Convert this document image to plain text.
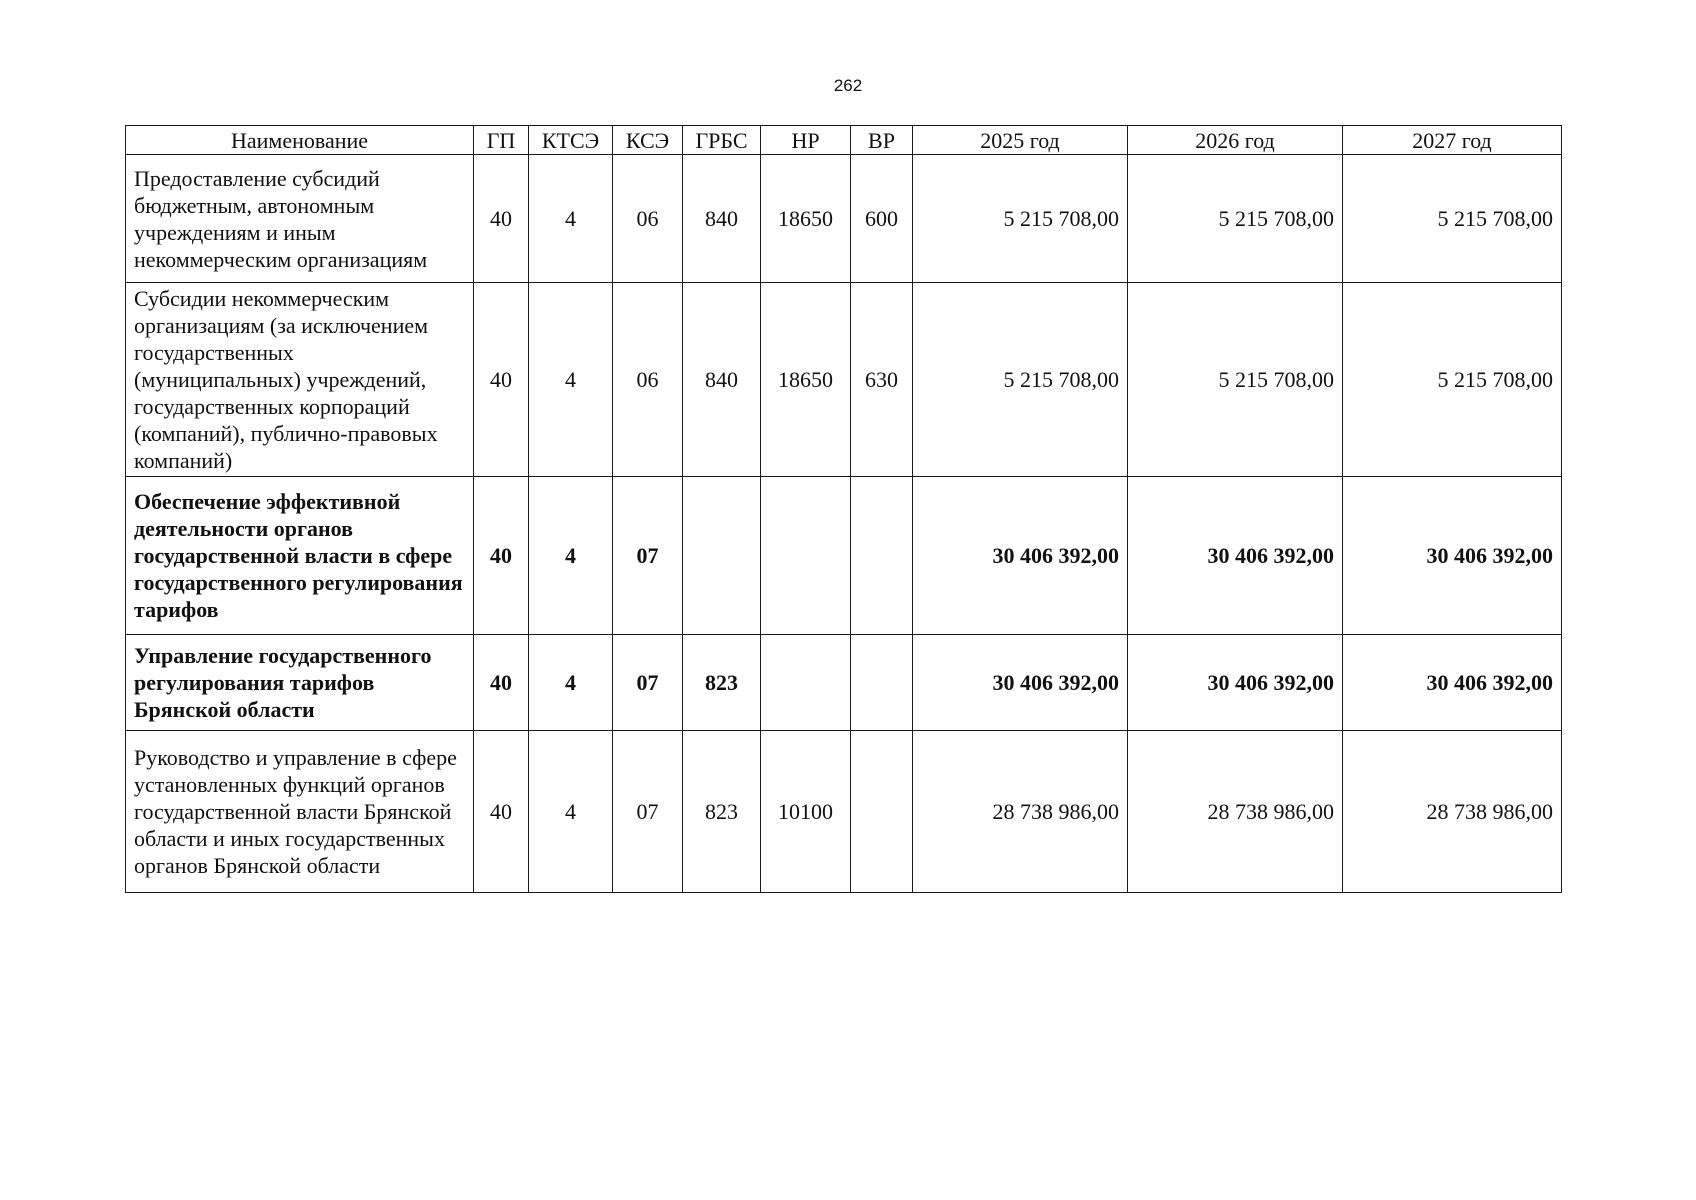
262
Наименование	ГП	КТСЭ	КСЭ	ГРБС	НР	ВР	2025 год	2026 год	2027 год
Предоставление субсидий бюджетным, автономным учреждениям и иным некоммерческим организациям	40	4	06	840	18650	600	5 215 708,00	5 215 708,00	5 215 708,00
Субсидии некоммерческим организациям (за исключением государственных (муниципальных) учреждений, государственных корпораций (компаний), публично-правовых компаний)	40	4	06	840	18650	630	5 215 708,00	5 215 708,00	5 215 708,00
Обеспечение эффективной деятельности органов государственной власти в сфере государственного регулирования тарифов	40	4	07				30 406 392,00	30 406 392,00	30 406 392,00
Управление государственного регулирования тарифов Брянской области	40	4	07	823			30 406 392,00	30 406 392,00	30 406 392,00
Руководство и управление в сфере установленных функций органов государственной власти Брянской области и иных государственных органов Брянской области	40	4	07	823	10100		28 738 986,00	28 738 986,00	28 738 986,00
